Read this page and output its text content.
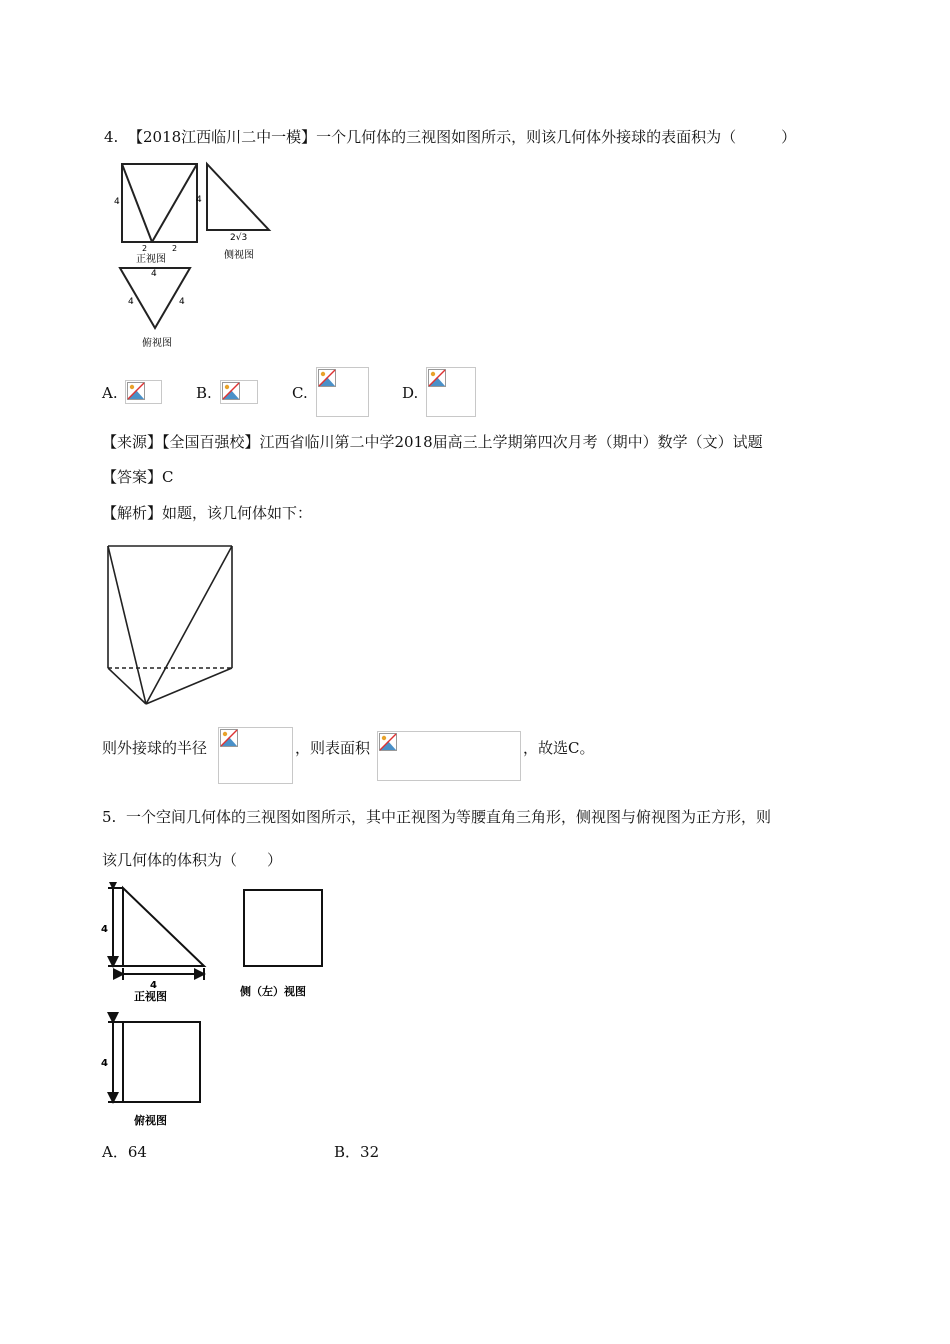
4. 【2018江西临川二中一模】一个几何体的三视图如图所示，则该几何体外接球的表面积为（　　　）
4
2	2
正视图
4
2√3
侧视图
4
4	4
俯视图
A.	B.	C.	D.
【来源】【全国百强校】江西省临川第二中学2018届高三上学期第四次月考（期中）数学（文）试题
【答案】C
【解析】如题，该几何体如下：
则外接球的半径	，则表面积	，故选C。
5. 一个空间几何体的三视图如图所示，其中正视图为等腰直角三角形，侧视图与俯视图为正方形，则
该几何体的体积为（　　）
4
4
正视图	侧（左）视图
4
俯视图
A．64	B．32
